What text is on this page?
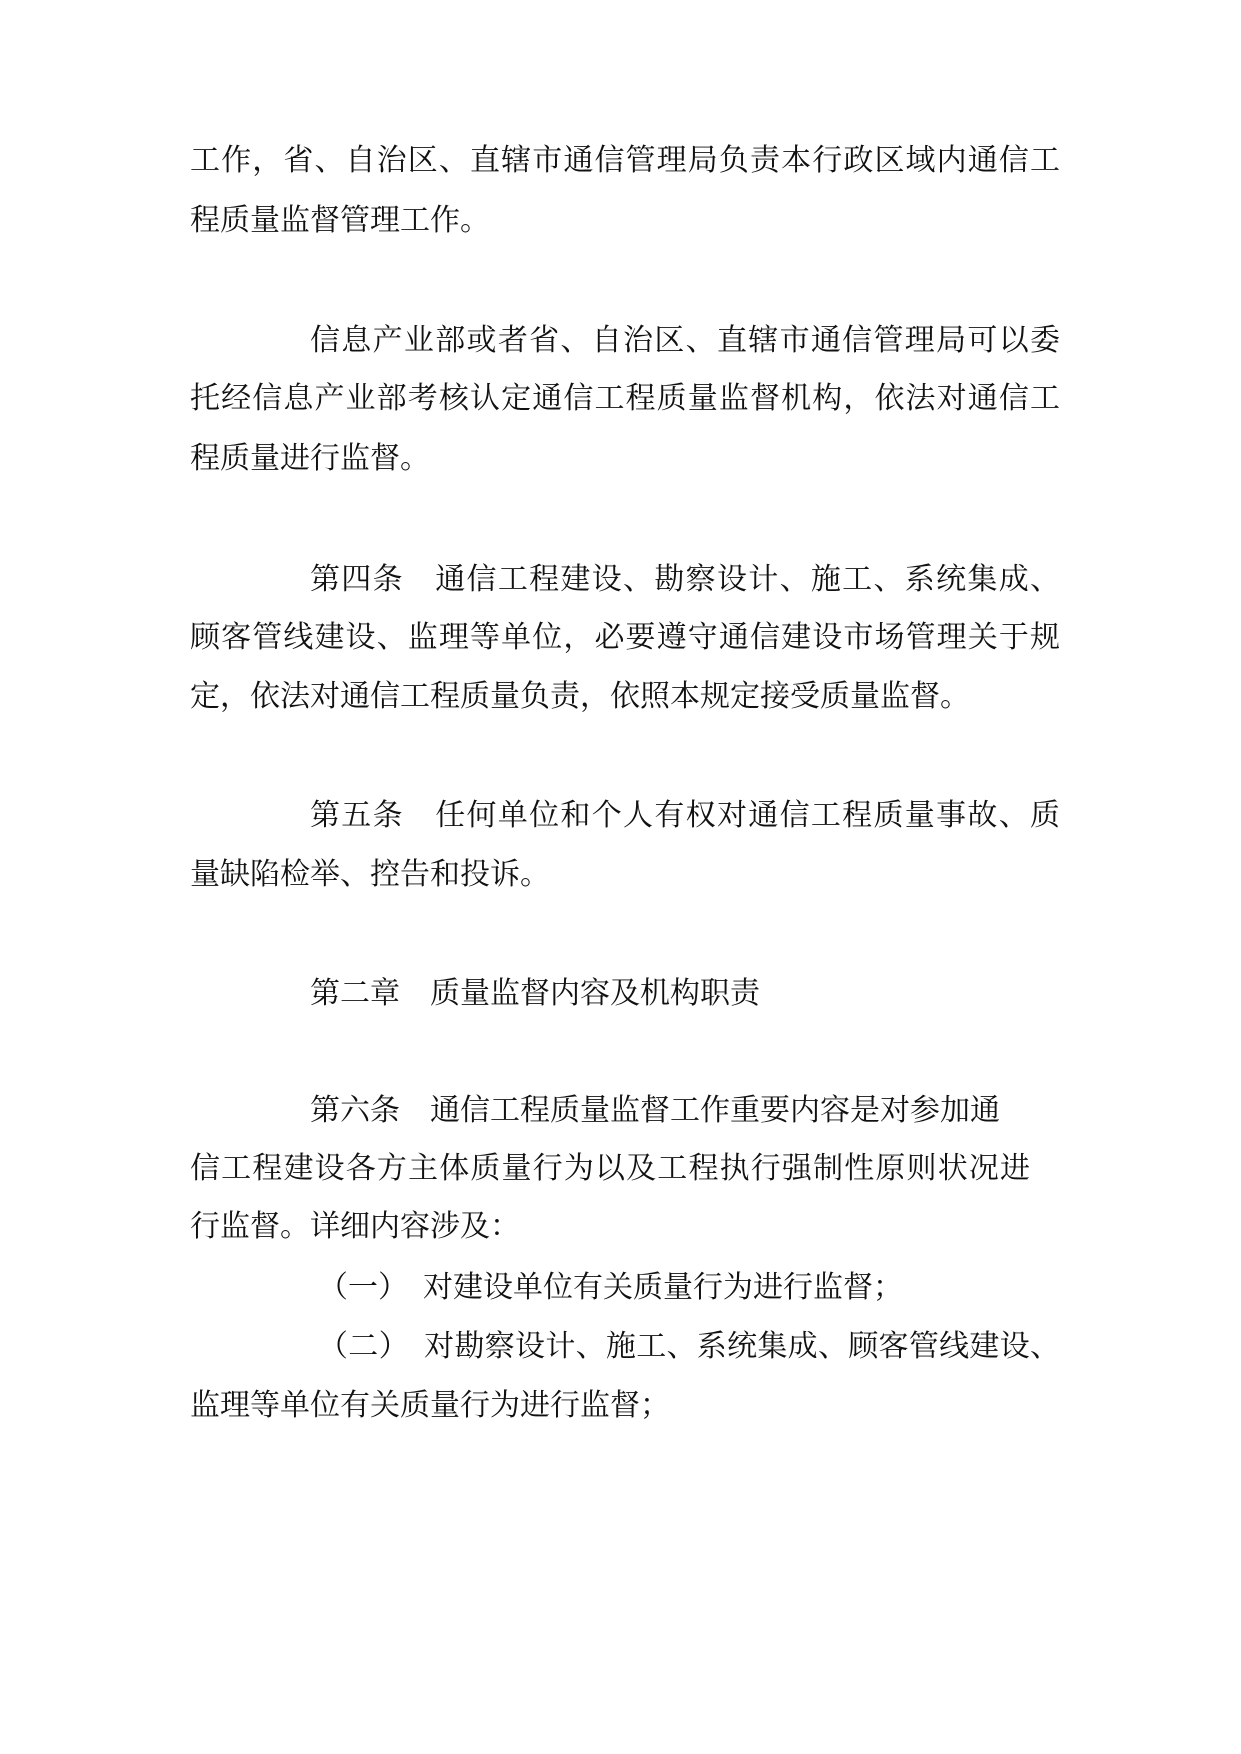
工作，省、自治区、直辖市通信管理局负责本行政区域内通信工
程质量监督管理工作。
信息产业部或者省、自治区、直辖市通信管理局可以委
托经信息产业部考核认定通信工程质量监督机构，依法对通信工
程质量进行监督。
第四条　通信工程建设、勘察设计、施工、系统集成、
顾客管线建设、监理等单位，必要遵守通信建设市场管理关于规
定，依法对通信工程质量负责，依照本规定接受质量监督。
第五条　任何单位和个人有权对通信工程质量事故、质
量缺陷检举、控告和投诉。
第二章　质量监督内容及机构职责
第六条　通信工程质量监督工作重要内容是对参加通
信工程建设各方主体质量行为以及工程执行强制性原则状况进
行监督。详细内容涉及：
（一）　对建设单位有关质量行为进行监督；
（二）　对勘察设计、施工、系统集成、顾客管线建设、
监理等单位有关质量行为进行监督；
